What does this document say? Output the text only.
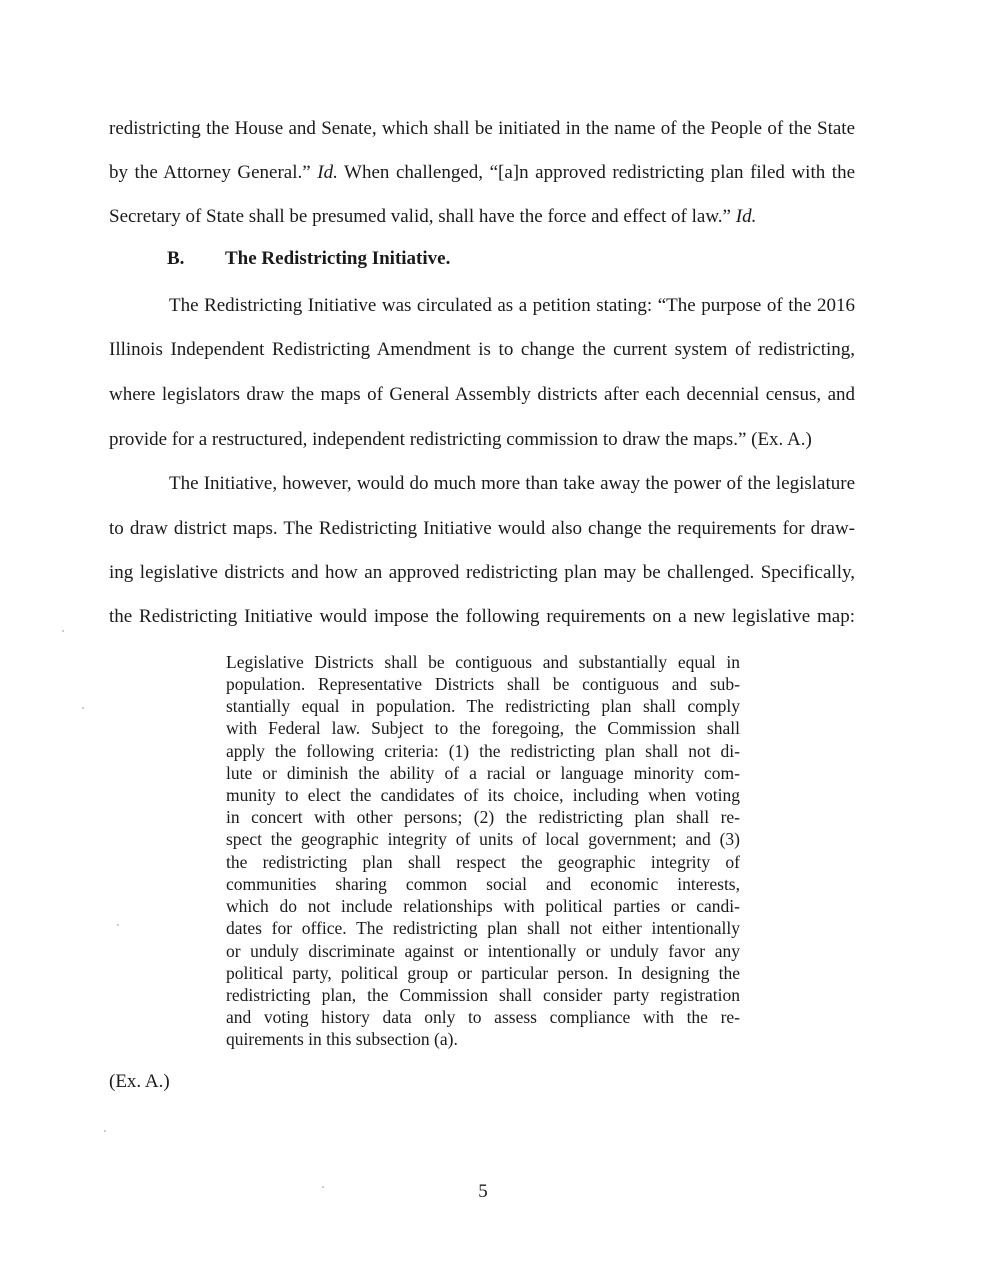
redistricting the House and Senate, which shall be initiated in the name of the People of the State
by the Attorney General.” Id. When challenged, “[a]n approved redistricting plan filed with the
Secretary of State shall be presumed valid, shall have the force and effect of law.” Id.
B. The Redistricting Initiative.
The Redistricting Initiative was circulated as a petition stating: “The purpose of the 2016
Illinois Independent Redistricting Amendment is to change the current system of redistricting,
where legislators draw the maps of General Assembly districts after each decennial census, and
provide for a restructured, independent redistricting commission to draw the maps.” (Ex. A.)
The Initiative, however, would do much more than take away the power of the legislature
to draw district maps. The Redistricting Initiative would also change the requirements for draw-
ing legislative districts and how an approved redistricting plan may be challenged. Specifically,
the Redistricting Initiative would impose the following requirements on a new legislative map:
Legislative Districts shall be contiguous and substantially equal in
population. Representative Districts shall be contiguous and sub-
stantially equal in population. The redistricting plan shall comply
with Federal law. Subject to the foregoing, the Commission shall
apply the following criteria: (1) the redistricting plan shall not di-
lute or diminish the ability of a racial or language minority com-
munity to elect the candidates of its choice, including when voting
in concert with other persons; (2) the redistricting plan shall re-
spect the geographic integrity of units of local government; and (3)
the redistricting plan shall respect the geographic integrity of
communities sharing common social and economic interests,
which do not include relationships with political parties or candi-
dates for office. The redistricting plan shall not either intentionally
or unduly discriminate against or intentionally or unduly favor any
political party, political group or particular person. In designing the
redistricting plan, the Commission shall consider party registration
and voting history data only to assess compliance with the re-
quirements in this subsection (a).
(Ex. A.)
5
